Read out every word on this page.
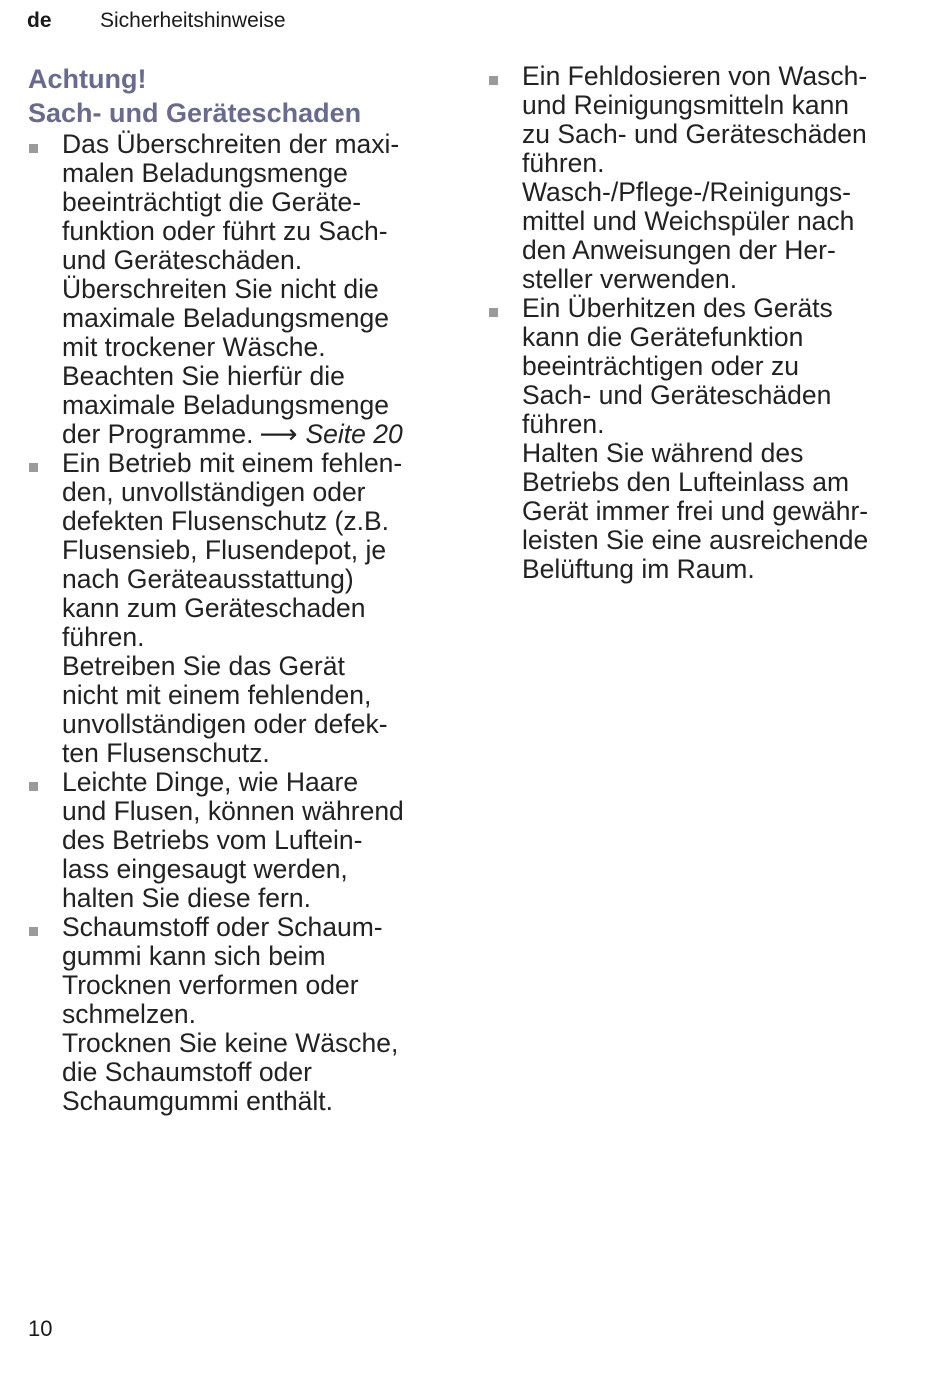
de Sicherheitshinweise
Achtung!
Sach- und Geräteschaden
Das Überschreiten der maxi-
malen Beladungsmenge
beeinträchtigt die Geräte-
funktion oder führt zu Sach-
und Geräteschäden.
Überschreiten Sie nicht die
maximale Beladungsmenge
mit trockener Wäsche.
Beachten Sie hierfür die
maximale Beladungsmenge
der Programme. ⟶ Seite 20
Ein Betrieb mit einem fehlen-
den, unvollständigen oder
defekten Flusenschutz (z.B.
Flusensieb, Flusendepot, je
nach Geräteausstattung)
kann zum Geräteschaden
führen.
Betreiben Sie das Gerät
nicht mit einem fehlenden,
unvollständigen oder defek-
ten Flusenschutz.
Leichte Dinge, wie Haare
und Flusen, können während
des Betriebs vom Luftein-
lass eingesaugt werden,
halten Sie diese fern.
Schaumstoff oder Schaum-
gummi kann sich beim
Trocknen verformen oder
schmelzen.
Trocknen Sie keine Wäsche,
die Schaumstoff oder
Schaumgummi enthält.
Ein Fehldosieren von Wasch-
und Reinigungsmitteln kann
zu Sach- und Geräteschäden
führen.
Wasch-/Pflege-/Reinigungs-
mittel und Weichspüler nach
den Anweisungen der Her-
steller verwenden.
Ein Überhitzen des Geräts
kann die Gerätefunktion
beeinträchtigen oder zu
Sach- und Geräteschäden
führen.
Halten Sie während des
Betriebs den Lufteinlass am
Gerät immer frei und gewähr-
leisten Sie eine ausreichende
Belüftung im Raum.
10
